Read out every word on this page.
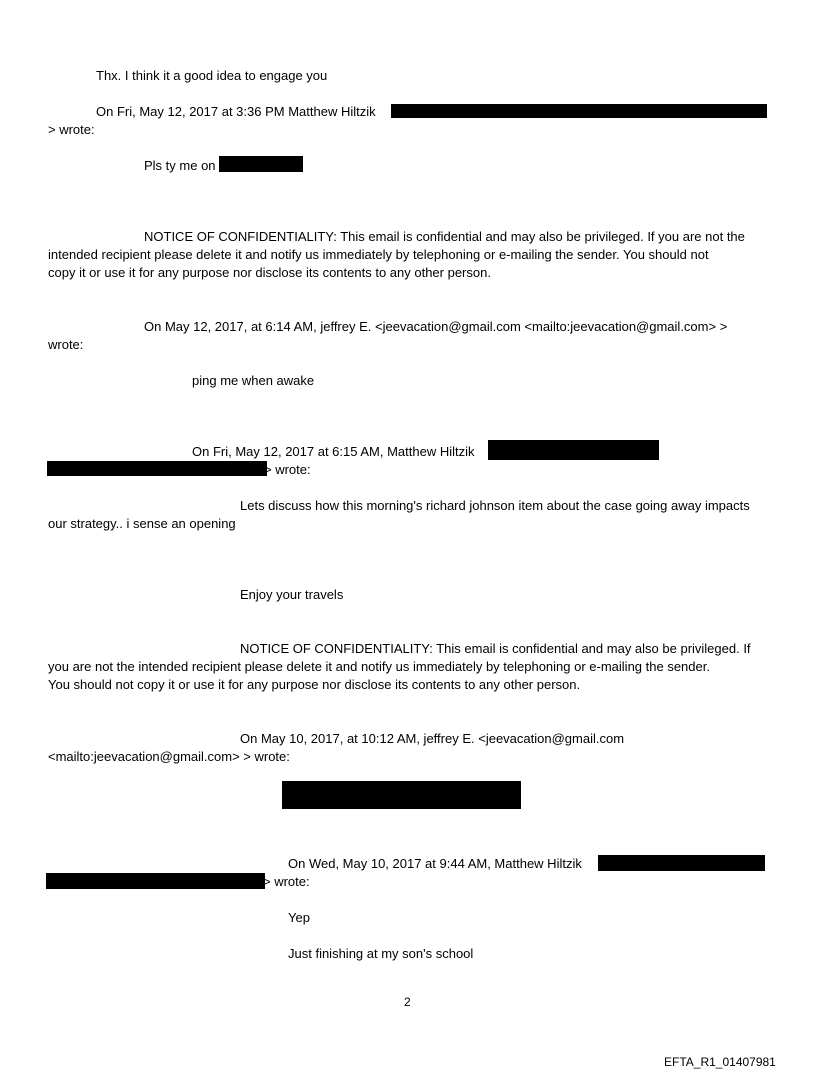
Thx. I think it a good idea to engage you
On Fri, May 12, 2017 at 3:36 PM Matthew Hiltzik
> wrote:
Pls ty me on
NOTICE OF CONFIDENTIALITY: This email is confidential and may also be privileged. If you are not the
intended recipient please delete it and notify us immediately by telephoning or e-mailing the sender. You should not
copy it or use it for any purpose nor disclose its contents to any other person.
On May 12, 2017, at 6:14 AM, jeffrey E. <jeevacation@gmail.com <mailto:jeevacation@gmail.com> >
wrote:
ping me when awake
On Fri, May 12, 2017 at 6:15 AM, Matthew Hiltzik
> wrote:
Lets discuss how this morning's richard johnson item about the case going away impacts
our strategy.. i sense an opening
Enjoy your travels
NOTICE OF CONFIDENTIALITY: This email is confidential and may also be privileged. If
you are not the intended recipient please delete it and notify us immediately by telephoning or e-mailing the sender.
You should not copy it or use it for any purpose nor disclose its contents to any other person.
On May 10, 2017, at 10:12 AM, jeffrey E. <jeevacation@gmail.com
<mailto:jeevacation@gmail.com> > wrote:
On Wed, May 10, 2017 at 9:44 AM, Matthew Hiltzik
> wrote:
Yep
Just finishing at my son's school
2
EFTA_R1_01407981
